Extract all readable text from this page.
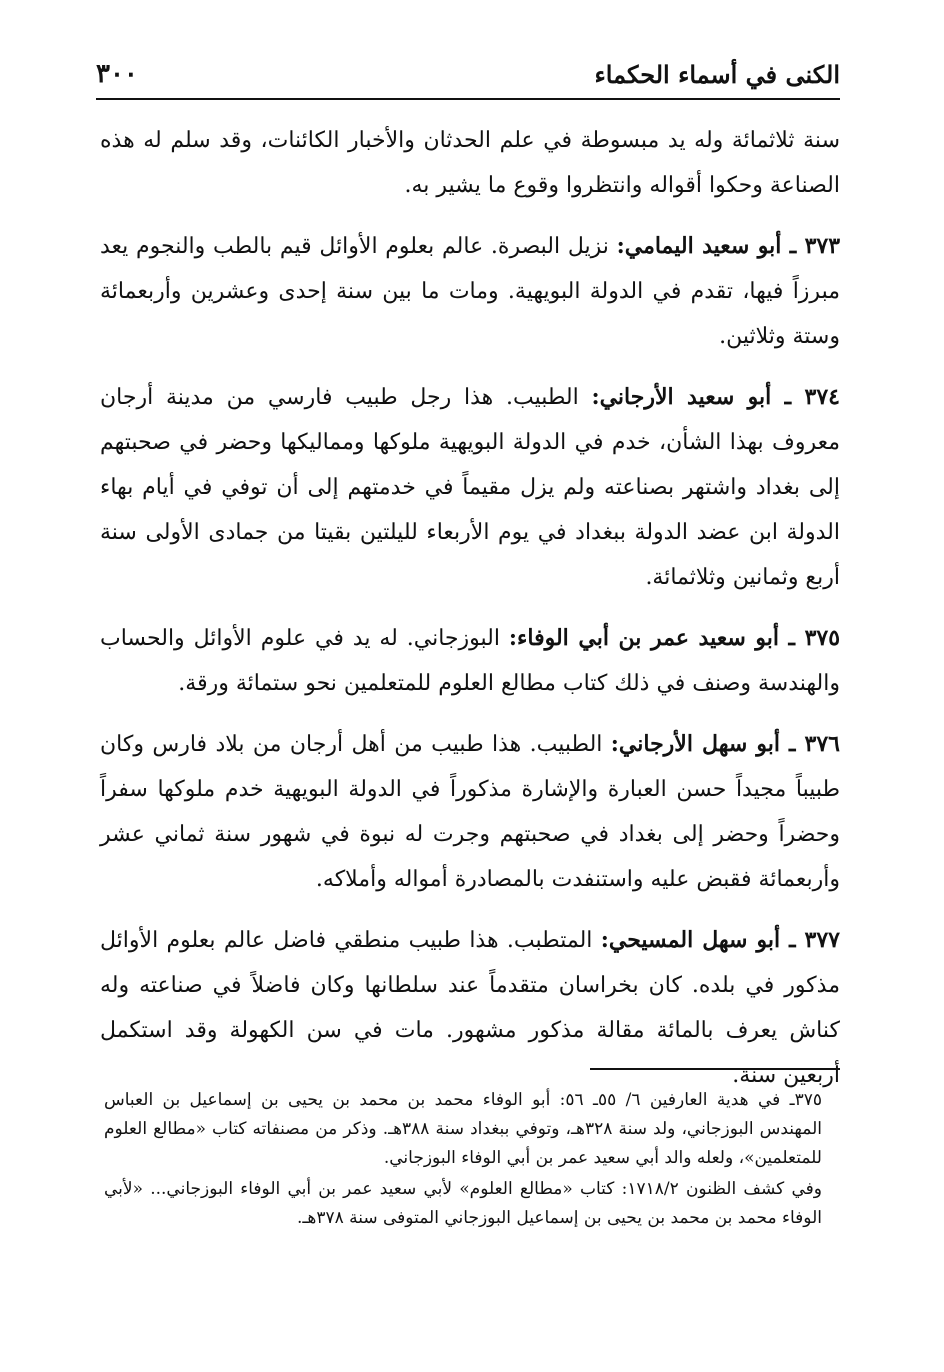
الكنى في أسماء الحكماء
٣٠٠

سنة ثلاثمائة وله يد مبسوطة في علم الحدثان والأخبار الكائنات، وقد سلم له هذه الصناعة وحكوا أقواله وانتظروا وقوع ما يشير به.

٣٧٣ ـ أبو سعيد اليمامي: نزيل البصرة. عالم بعلوم الأوائل قيم بالطب والنجوم يعد مبرزاً فيها، تقدم في الدولة البويهية. ومات ما بين سنة إحدى وعشرين وأربعمائة وستة وثلاثين.

٣٧٤ ـ أبو سعيد الأرجاني: الطبيب. هذا رجل طبيب فارسي من مدينة أرجان معروف بهذا الشأن، خدم في الدولة البويهية ملوكها ومماليكها وحضر في صحبتهم إلى بغداد واشتهر بصناعته ولم يزل مقيماً في خدمتهم إلى أن توفي في أيام بهاء الدولة ابن عضد الدولة ببغداد في يوم الأربعاء لليلتين بقيتا من جمادى الأولى سنة أربع وثمانين وثلاثمائة.

٣٧٥ ـ أبو سعيد عمر بن أبي الوفاء: البوزجاني. له يد في علوم الأوائل والحساب والهندسة وصنف في ذلك كتاب مطالع العلوم للمتعلمين نحو ستمائة ورقة.

٣٧٦ ـ أبو سهل الأرجاني: الطبيب. هذا طبيب من أهل أرجان من بلاد فارس وكان طبيباً مجيداً حسن العبارة والإشارة مذكوراً في الدولة البويهية خدم ملوكها سفراً وحضراً وحضر إلى بغداد في صحبتهم وجرت له نبوة في شهور سنة ثماني عشر وأربعمائة فقبض عليه واستنفدت بالمصادرة أمواله وأملاكه.

٣٧٧ ـ أبو سهل المسيحي: المتطبب. هذا طبيب منطقي فاضل عالم بعلوم الأوائل مذكور في بلده. كان بخراسان متقدماً عند سلطانها وكان فاضلاً في صناعته وله كناش يعرف بالمائة مقالة مذكور مشهور. مات في سن الكهولة وقد استكمل أربعين سنة.

٣٧٥ـ في هدية العارفين ٦/ ٥٥ـ ٥٦: أبو الوفاء محمد بن محمد بن يحيى بن إسماعيل بن العباس المهندس البوزجاني، ولد سنة ٣٢٨هـ، وتوفي ببغداد سنة ٣٨٨هـ. وذكر من مصنفاته كتاب «مطالع العلوم للمتعلمين»، ولعله والد أبي سعيد عمر بن أبي الوفاء البوزجاني.

وفي كشف الظنون ١٧١٨/٢: كتاب «مطالع العلوم» لأبي سعيد عمر بن أبي الوفاء البوزجاني... «لأبي الوفاء محمد بن محمد بن يحيى بن إسماعيل البوزجاني المتوفى سنة ٣٧٨هـ.
